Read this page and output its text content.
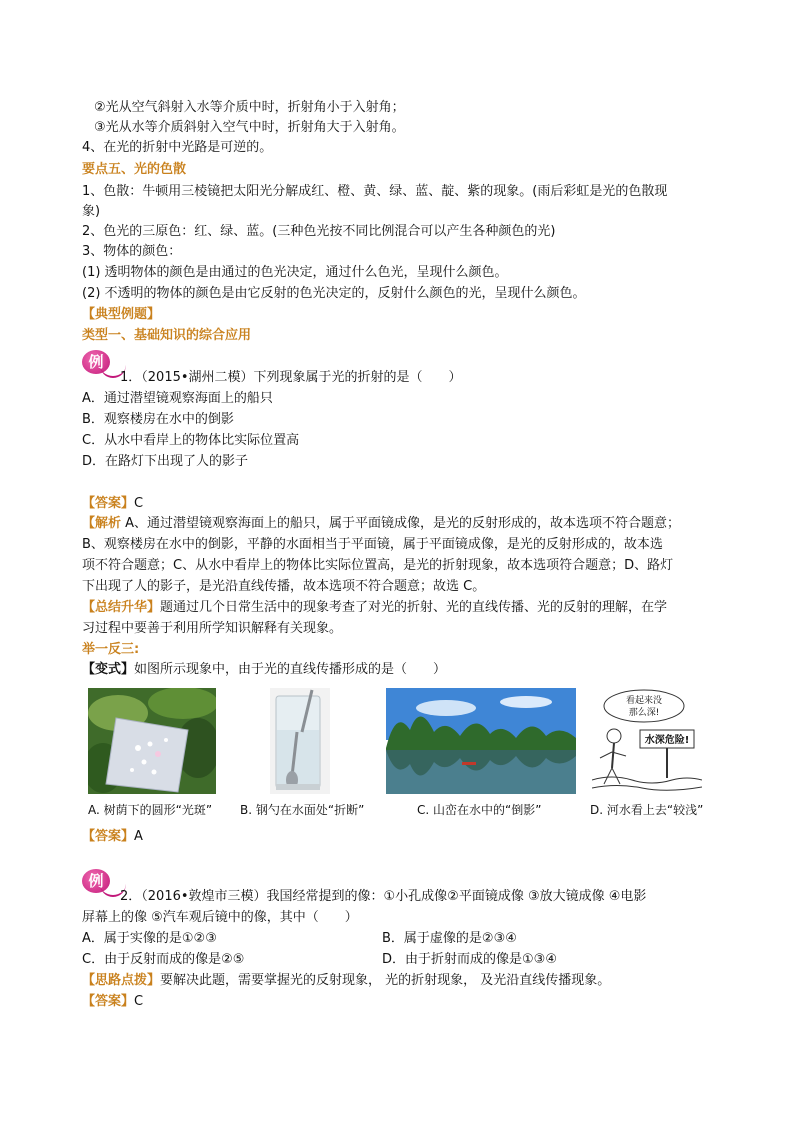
②光从空气斜射入水等介质中时，折射角小于入射角；
③光从水等介质斜射入空气中时，折射角大于入射角。
4、在光的折射中光路是可逆的。
要点五、光的色散
1、色散：牛顿用三棱镜把太阳光分解成红、橙、黄、绿、蓝、靛、紫的现象。(雨后彩虹是光的色散现
象)
2、色光的三原色：红、绿、蓝。(三种色光按不同比例混合可以产生各种颜色的光)
3、物体的颜色：
(1) 透明物体的颜色是由通过的色光决定，通过什么色光，呈现什么颜色。
(2) 不透明的物体的颜色是由它反射的色光决定的，反射什么颜色的光，呈现什么颜色。
【典型例题】
类型一、基础知识的综合应用
例
1．（2015•湖州二模）下列现象属于光的折射的是（　　）
A．通过潜望镜观察海面上的船只
B．观察楼房在水中的倒影
C．从水中看岸上的物体比实际位置高
D．在路灯下出现了人的影子
【答案】C
【解析 A、通过潜望镜观察海面上的船只，属于平面镜成像，是光的反射形成的，故本选项不符合题意；
B、观察楼房在水中的倒影，平静的水面相当于平面镜，属于平面镜成像，是光的反射形成的，故本选
项不符合题意；C、从水中看岸上的物体比实际位置高，是光的折射现象，故本选项符合题意；D、路灯
下出现了人的影子，是光沿直线传播，故本选项不符合题意；故选 C。
【总结升华】题通过几个日常生活中的现象考查了对光的折射、光的直线传播、光的反射的理解，在学
习过程中要善于利用所学知识解释有关现象。
举一反三:
【变式】如图所示现象中，由于光的直线传播形成的是（　　）
看起来没
那么深!
水深危险!
A. 树荫下的圆形“光斑” B. 钢勺在水面处“折断”	C. 山峦在水中的“倒影”	D. 河水看上去“较浅”
【答案】A
例
2．（2016•敦煌市三模）我国经常提到的像：①小孔成像②平面镜成像 ③放大镜成像 ④电影
屏幕上的像 ⑤汽车观后镜中的像，其中（　　）
A．属于实像的是①②③	B．属于虚像的是②③④
C．由于反射而成的像是②⑤	D．由于折射而成的像是①③④
【思路点拨】要解决此题，需要掌握光的反射现象， 光的折射现象， 及光沿直线传播现象。
【答案】C
